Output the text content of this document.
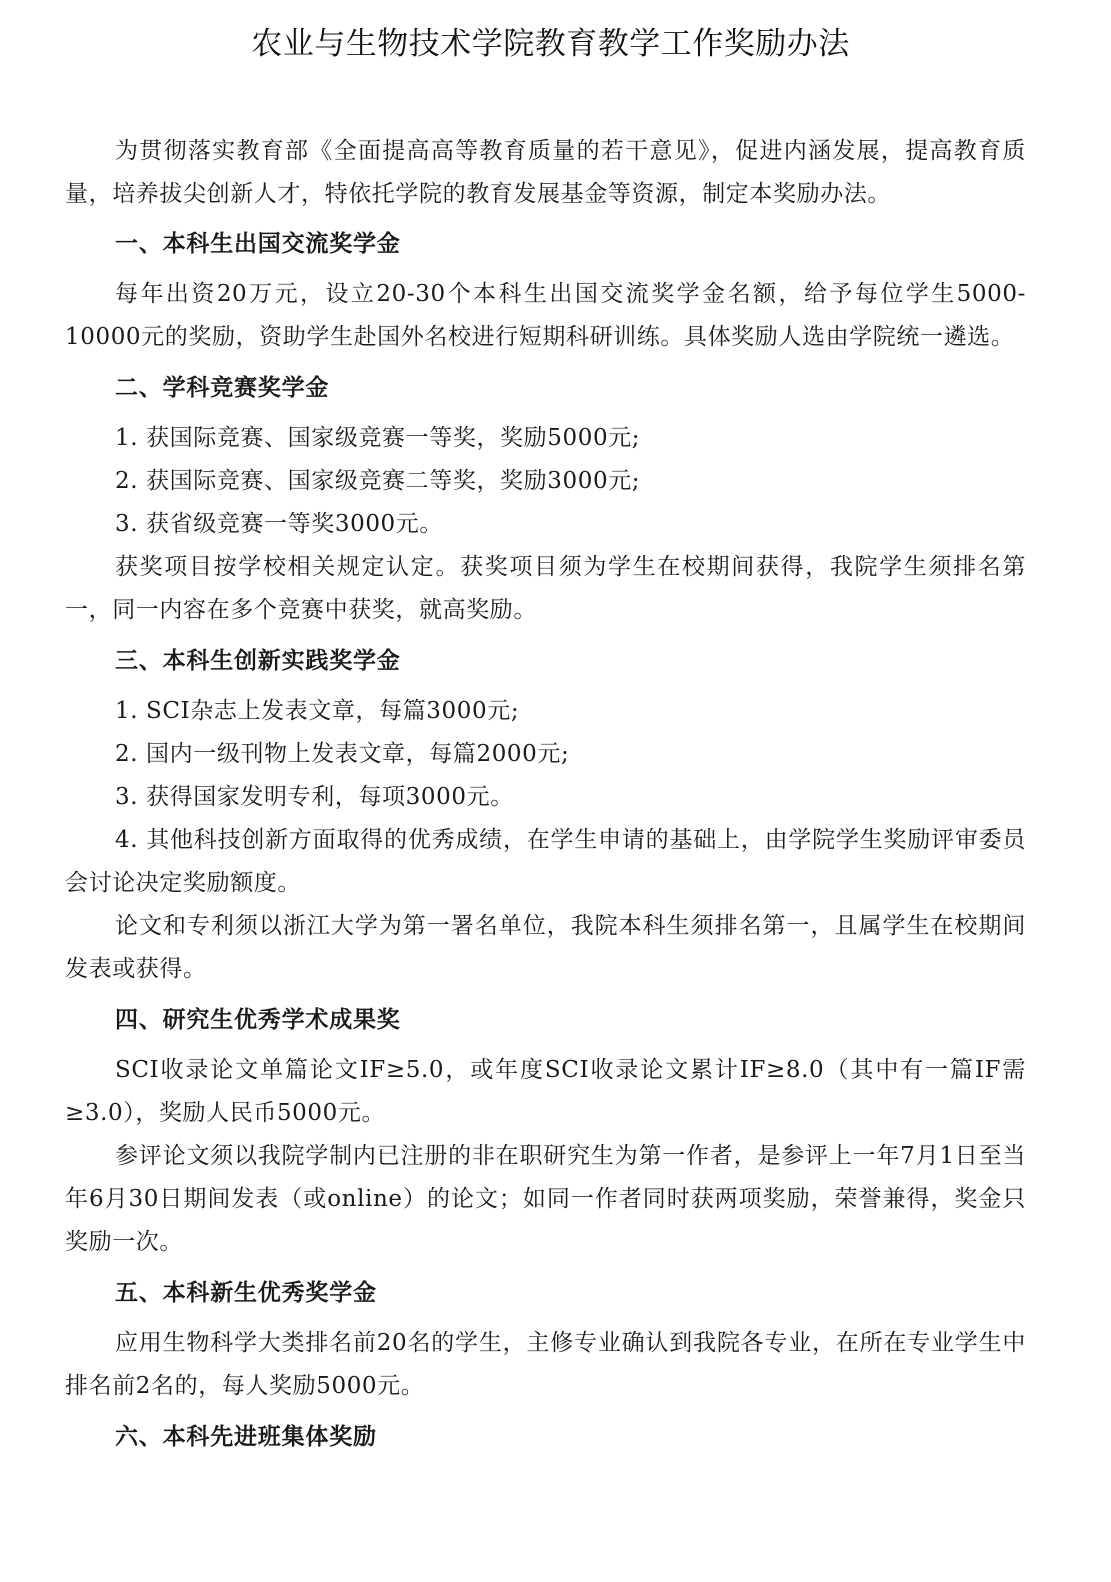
农业与生物技术学院教育教学工作奖励办法

为贯彻落实教育部《全面提高高等教育质量的若干意见》，促进内涵发展，提高教育质量，培养拔尖创新人才，特依托学院的教育发展基金等资源，制定本奖励办法。

一、本科生出国交流奖学金

每年出资20万元，设立20-30个本科生出国交流奖学金名额，给予每位学生5000-10000元的奖励，资助学生赴国外名校进行短期科研训练。具体奖励人选由学院统一遴选。

二、学科竞赛奖学金

1. 获国际竞赛、国家级竞赛一等奖，奖励5000元;

2. 获国际竞赛、国家级竞赛二等奖，奖励3000元;

3. 获省级竞赛一等奖3000元。

获奖项目按学校相关规定认定。获奖项目须为学生在校期间获得，我院学生须排名第一，同一内容在多个竞赛中获奖，就高奖励。

三、本科生创新实践奖学金

1. SCI杂志上发表文章，每篇3000元;

2. 国内一级刊物上发表文章，每篇2000元;

3. 获得国家发明专利，每项3000元。

4. 其他科技创新方面取得的优秀成绩，在学生申请的基础上，由学院学生奖励评审委员会讨论决定奖励额度。

论文和专利须以浙江大学为第一署名单位，我院本科生须排名第一，且属学生在校期间发表或获得。

四、研究生优秀学术成果奖

SCI收录论文单篇论文IF≥5.0，或年度SCI收录论文累计IF≥8.0（其中有一篇IF需≥3.0），奖励人民币5000元。

参评论文须以我院学制内已注册的非在职研究生为第一作者，是参评上一年7月1日至当年6月30日期间发表（或online）的论文；如同一作者同时获两项奖励，荣誉兼得，奖金只奖励一次。

五、本科新生优秀奖学金

应用生物科学大类排名前20名的学生，主修专业确认到我院各专业，在所在专业学生中排名前2名的，每人奖励5000元。

六、本科先进班集体奖励
